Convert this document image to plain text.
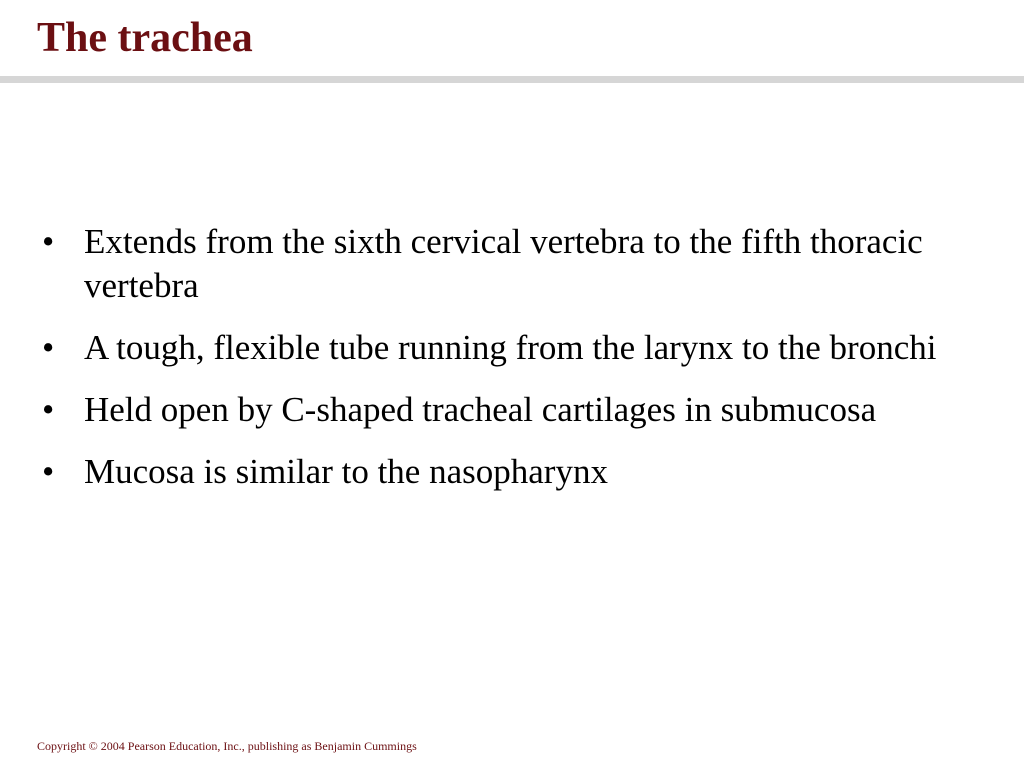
The trachea
• Extends from the sixth cervical vertebra to the fifth thoracic vertebra
• A tough, flexible tube running from the larynx to the bronchi
• Held open by C-shaped tracheal cartilages in submucosa
• Mucosa is similar to the nasopharynx
Copyright © 2004 Pearson Education, Inc., publishing as Benjamin Cummings
